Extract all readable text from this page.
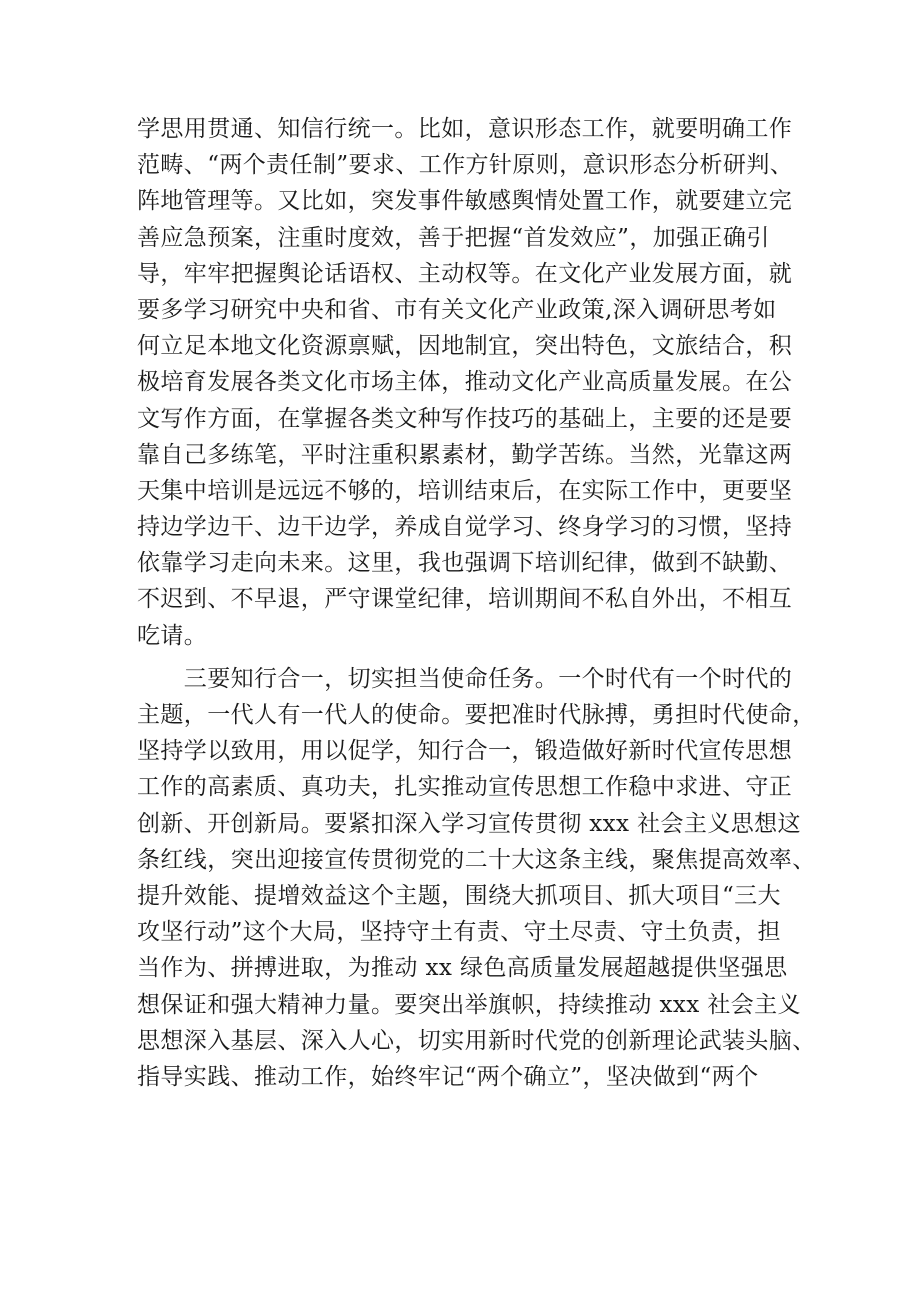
学思用贯通、知信行统一。比如，意识形态工作，就要明确工作
范畴、“两个责任制”要求、工作方针原则，意识形态分析研判、
阵地管理等。又比如，突发事件敏感舆情处置工作，就要建立完
善应急预案，注重时度效，善于把握“首发效应”，加强正确引
导，牢牢把握舆论话语权、主动权等。在文化产业发展方面，就
要多学习研究中央和省、市有关文化产业政策,深入调研思考如
何立足本地文化资源禀赋，因地制宜，突出特色，文旅结合，积
极培育发展各类文化市场主体，推动文化产业高质量发展。在公
文写作方面，在掌握各类文种写作技巧的基础上，主要的还是要
靠自己多练笔，平时注重积累素材，勤学苦练。当然，光靠这两
天集中培训是远远不够的，培训结束后，在实际工作中，更要坚
持边学边干、边干边学，养成自觉学习、终身学习的习惯，坚持
依靠学习走向未来。这里，我也强调下培训纪律，做到不缺勤、
不迟到、不早退，严守课堂纪律，培训期间不私自外出，不相互
吃请。
　　三要知行合一，切实担当使命任务。一个时代有一个时代的
主题，一代人有一代人的使命。要把准时代脉搏，勇担时代使命，
坚持学以致用，用以促学，知行合一，锻造做好新时代宣传思想
工作的高素质、真功夫，扎实推动宣传思想工作稳中求进、守正
创新、开创新局。要紧扣深入学习宣传贯彻 xxx 社会主义思想这
条红线，突出迎接宣传贯彻党的二十大这条主线，聚焦提高效率、
提升效能、提增效益这个主题，围绕大抓项目、抓大项目“三大
攻坚行动”这个大局，坚持守土有责、守土尽责、守土负责，担
当作为、拼搏进取，为推动 xx 绿色高质量发展超越提供坚强思
想保证和强大精神力量。要突出举旗帜，持续推动 xxx 社会主义
思想深入基层、深入人心，切实用新时代党的创新理论武装头脑、
指导实践、推动工作，始终牢记“两个确立”，坚决做到“两个
